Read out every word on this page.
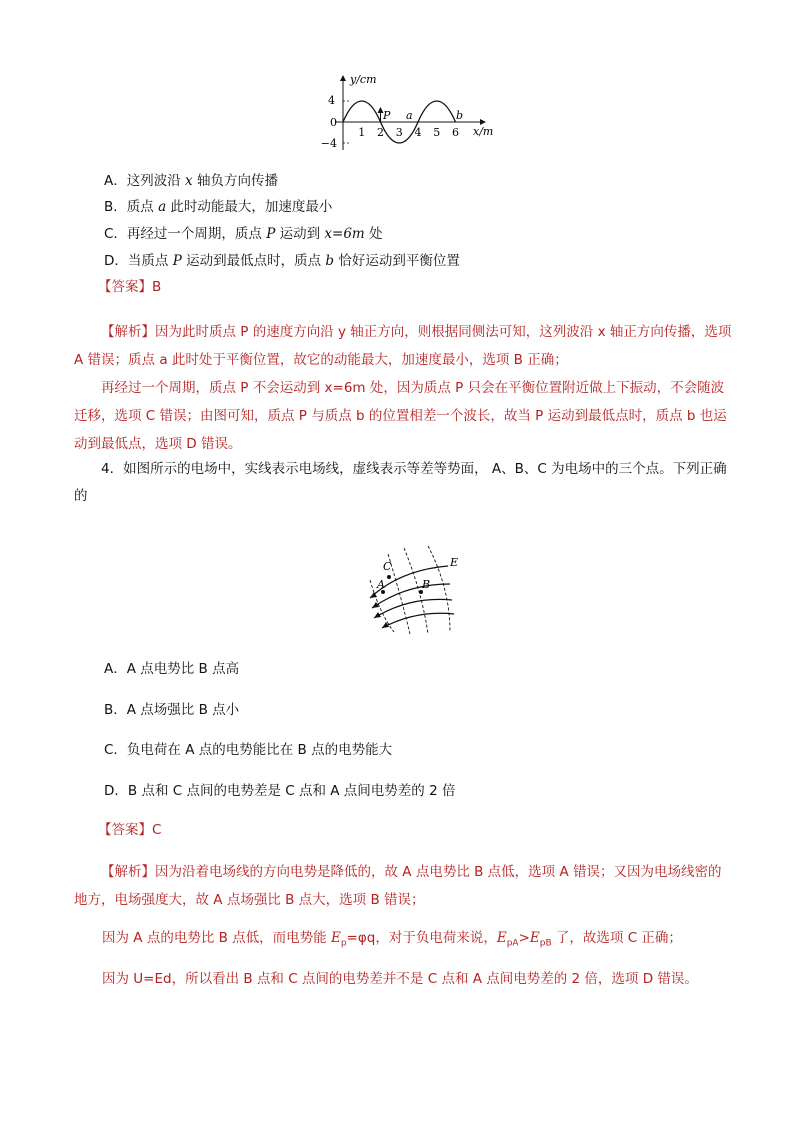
4
0
−4
1 2 3 4 5 6
y/cm
x/m
P a	b
A．这列波沿 x 轴负方向传播
B．质点 a 此时动能最大，加速度最小
C．再经过一个周期，质点 P 运动到 x=6m 处
D．当质点 P 运动到最低点时，质点 b 恰好运动到平衡位置
【答案】B

【解析】因为此时质点 P 的速度方向沿 y 轴正方向，则根据同侧法可知，这列波沿 x 轴正方向传播，选项 A 错误；质点 a 此时处于平衡位置，故它的动能最大，加速度最小，选项 B 正确；

再经过一个周期，质点 P 不会运动到 x=6m 处，因为质点 P 只会在平衡位置附近做上下振动，不会随波迁移，选项 C 错误；由图可知，质点 P 与质点 b 的位置相差一个波长，故当 P 运动到最低点时，质点 b 也运动到最低点，选项 D 错误。

4．如图所示的电场中，实线表示电场线，虚线表示等差等势面， A、B、C 为电场中的三个点。下列正确的
C
A	B
E
A．A 点电势比 B 点高
B．A 点场强比 B 点小
C．负电荷在 A 点的电势能比在 B 点的电势能大
D．B 点和 C 点间的电势差是 C 点和 A 点间电势差的 2 倍
【答案】C

【解析】因为沿着电场线的方向电势是降低的，故 A 点电势比 B 点低，选项 A 错误；又因为电场线密的地方，电场强度大，故 A 点场强比 B 点大，选项 B 错误；

因为 A 点的电势比 B 点低，而电势能 $E_p=\varphi q$，对于负电荷来说，$E_{pA}>E_{pB}$ 了，故选项 C 正确；
因为 U=Ed，所以看出 B 点和 C 点间的电势差并不是 C 点和 A 点间电势差的 2 倍，选项 D 错误。
